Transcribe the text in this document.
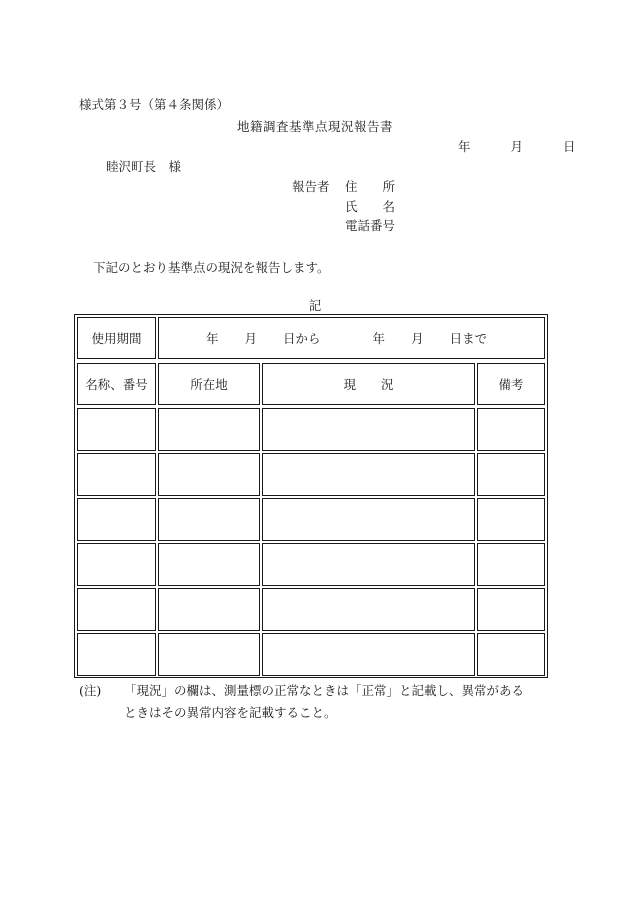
様式第３号（第４条関係）
地籍調査基準点現況報告書
年	月	日
睦沢町長　様
報告者 住　　所
氏　　名
電話番号
下記のとおり基準点の現況を報告します。
記
使用期間	年 月 日から	年 月 日まで
名称、番号	所在地	現　　況	備考
(注) 「現況」の欄は、測量標の正常なときは「正常」と記載し、異常がある
ときはその異常内容を記載すること。
